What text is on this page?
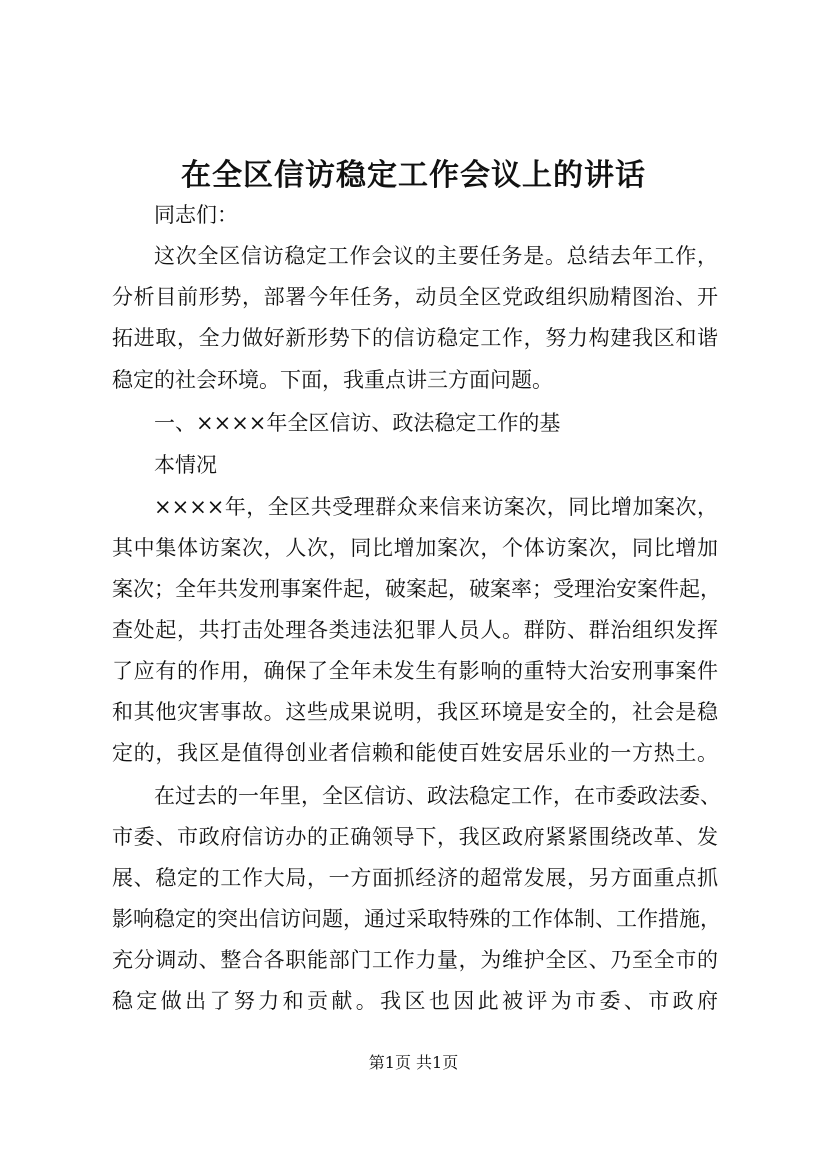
在全区信访稳定工作会议上的讲话

同志们：

这次全区信访稳定工作会议的主要任务是。总结去年工作，

分析目前形势，部署今年任务，动员全区党政组织励精图治、开

拓进取，全力做好新形势下的信访稳定工作，努力构建我区和谐

稳定的社会环境。下面，我重点讲三方面问题。

一、××××年全区信访、政法稳定工作的基

本情况

××××年，全区共受理群众来信来访案次，同比增加案次，

其中集体访案次，人次，同比增加案次，个体访案次，同比增加

案次；全年共发刑事案件起，破案起，破案率；受理治安案件起，

查处起，共打击处理各类违法犯罪人员人。群防、群治组织发挥

了应有的作用，确保了全年未发生有影响的重特大治安刑事案件

和其他灾害事故。这些成果说明，我区环境是安全的，社会是稳

定的，我区是值得创业者信赖和能使百姓安居乐业的一方热土。

在过去的一年里，全区信访、政法稳定工作，在市委政法委、

市委、市政府信访办的正确领导下，我区政府紧紧围绕改革、发

展、稳定的工作大局，一方面抓经济的超常发展，另方面重点抓

影响稳定的突出信访问题，通过采取特殊的工作体制、工作措施，

充分调动、整合各职能部门工作力量，为维护全区、乃至全市的

稳定做出了努力和贡献。我区也因此被评为市委、市政府

第1页 共1页
